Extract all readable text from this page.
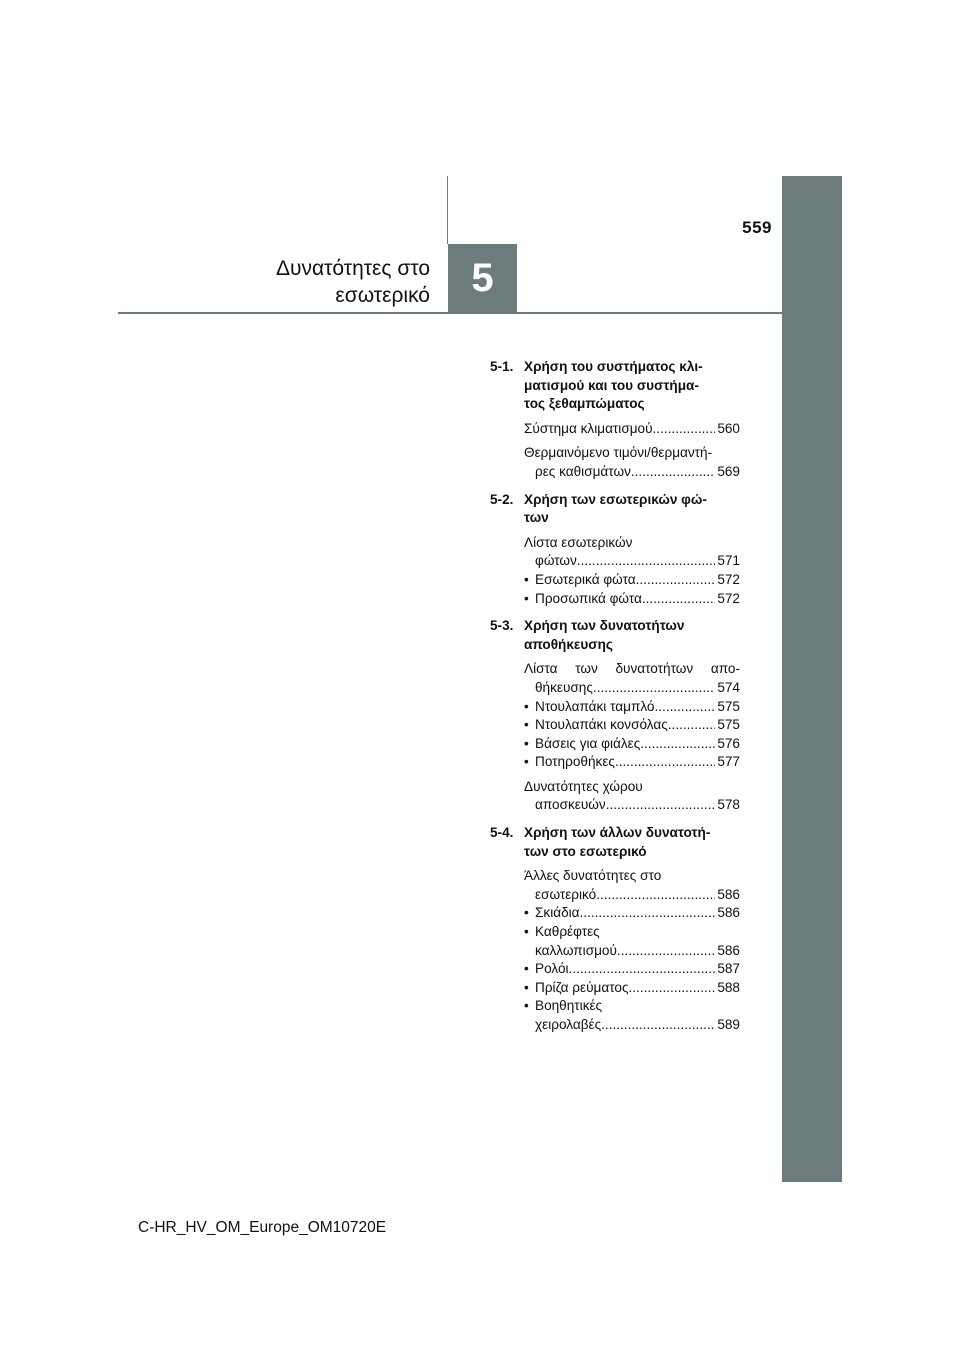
5
559
Δυνατότητες στο
εσωτερικό
5-1. Χρήση του συστήματος κλι-
ματισμού και του συστήμα-
τος ξεθαμπώματος
Σύστημα κλιματισμού .....	560
Θερμαινόμενο τιμόνι/θερμαντή-
ρες καθισμάτων .....	569
5-2. Χρήση των εσωτερικών φώ-
των
Λίστα εσωτερικών
φώτων .....	571
• Εσωτερικά φώτα .....	572
• Προσωπικά φώτα .....	572
5-3. Χρήση των δυνατοτήτων
αποθήκευσης
Λίστα των δυνατοτήτων απο-
θήκευσης .....	574
• Ντουλαπάκι ταμπλό .....	575
• Ντουλαπάκι κονσόλας .....	575
• Βάσεις για φιάλες .....	576
• Ποτηροθήκες .....	577
Δυνατότητες χώρου
αποσκευών .....	578
5-4. Χρήση των άλλων δυνατοτή-
των στο εσωτερικό
Άλλες δυνατότητες στο
εσωτερικό .....	586
• Σκιάδια .....	586
• Καθρέφτες
καλλωπισμού .....	586
• Ρολόι .....	587
• Πρίζα ρεύματος .....	588
• Βοηθητικές
χειρολαβές .....	589
C-HR_HV_OM_Europe_OM10720E
